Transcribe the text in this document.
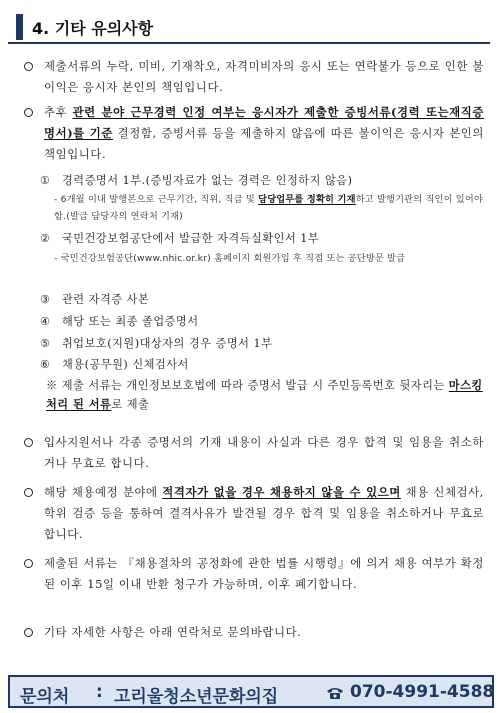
4. 기타 유의사항
제출서류의 누락, 미비, 기재착오, 자격미비자의 응시 또는 연락불가 등으로 인한 불이익은 응시자 본인의 책임입니다.
추후 관련 분야 근무경력 인정 여부는 응시자가 제출한 증빙서류(경력 또는재직증명서)를 기준 결정함, 증빙서류 등을 제출하지 않음에 따른 불이익은 응시자 본인의 책임입니다.
① 경력증명서 1부.(증빙자료가 없는 경력은 인정하지 않음)
- 6개월 이내 발행본으로 근무기간, 직위, 직급 및 담당업무를 정확히 기재하고 발행기관의 직인이 있어야 함.(발급 담당자의 연락처 기재)
② 국민건강보험공단에서 발급한 자격득실확인서 1부
- 국민건강보험공단(www.nhic.or.kr) 홈페이지 회원가입 후 직접 또는 공단방문 발급
③ 관련 자격증 사본
④ 해당 또는 최종 졸업증명서
⑤ 취업보호(지원)대상자의 경우 증명서 1부
⑥ 채용(공무원) 신체검사서
※ 제출 서류는 개인정보보호법에 따라 증명서 발급 시 주민등록번호 뒷자리는 마스킹 처리 된 서류로 제출
입사지원서나 각종 증명서의 기재 내용이 사실과 다른 경우 합격 및 임용을 취소하거나 무효로 합니다.
해당 채용예정 분야에 적격자가 없을 경우 채용하지 않을 수 있으며 채용 신체검사, 학위 검증 등을 통하여 결격사유가 발견될 경우 합격 및 임용을 취소하거나 무효로 합니다.
제출된 서류는 『채용절차의 공정화에 관한 법률 시행령』에 의거 채용 여부가 확정된 이후 15일 이내 반환 청구가 가능하며, 이후 폐기합니다.
기타 자세한 사항은 아래 연락처로 문의바랍니다.
문의처 : 고리울청소년문화의집	070-4991-4588
